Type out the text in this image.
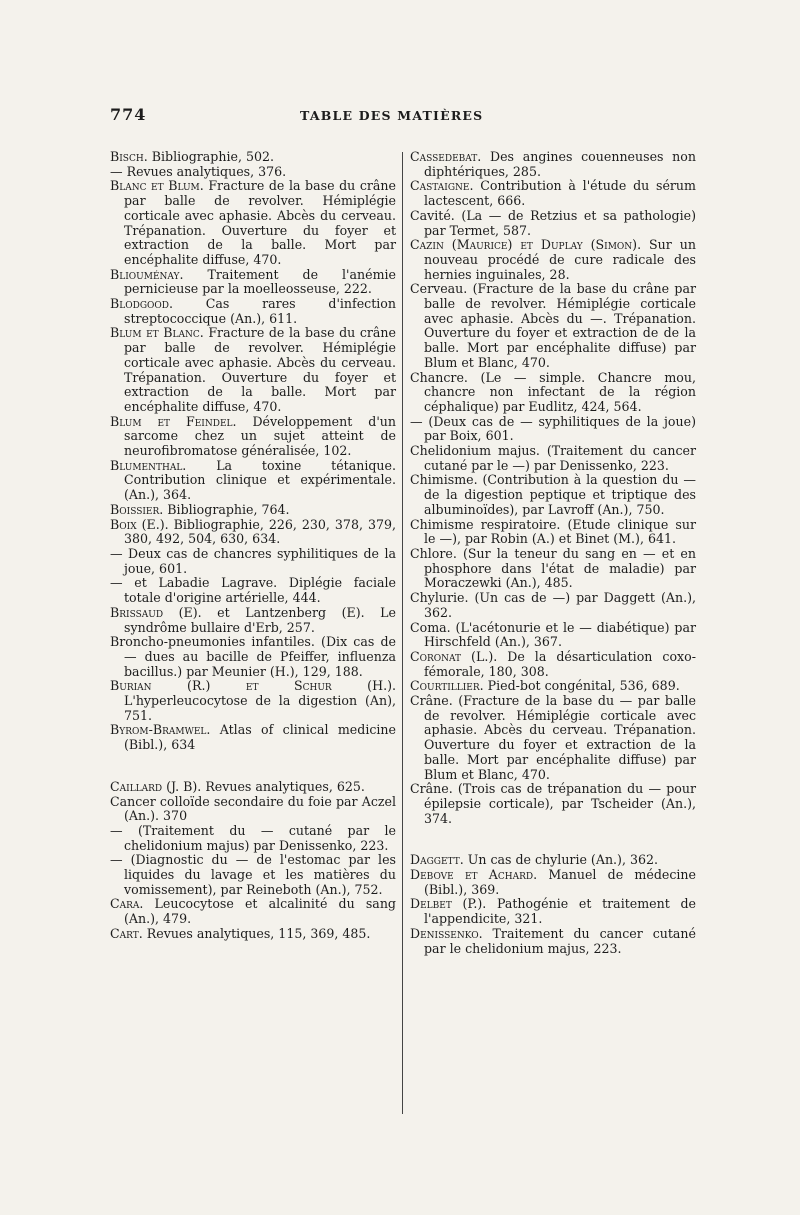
774	TABLE DES MATIÈRES

Bisch. Bibliographie, 502.

— Revues analytiques, 376.

Blanc et Blum. Fracture de la base du crâne par balle de revolver. Hémiplégie corticale avec aphasie. Abcès du cerveau. Trépanation. Ouverture du foyer et extraction de la balle. Mort par encéphalite diffuse, 470.

Bliouménay. Traitement de l'anémie pernicieuse par la moelleosseuse, 222.

Blodgood. Cas rares d'infection streptococcique (An.), 611.

Blum et Blanc. Fracture de la base du crâne par balle de revolver. Hémiplégie corticale avec aphasie. Abcès du cerveau. Trépanation. Ouverture du foyer et extraction de la balle. Mort par encéphalite diffuse, 470.

Blum et Feindel. Développement d'un sarcome chez un sujet atteint de neurofibromatose généralisée, 102.

Blumenthal. La toxine tétanique. Contribution clinique et expérimentale. (An.), 364.

Boissier. Bibliographie, 764.

Boix (E.). Bibliographie, 226, 230, 378, 379, 380, 492, 504, 630, 634.

— Deux cas de chancres syphilitiques de la joue, 601.

— et Labadie Lagrave. Diplégie faciale totale d'origine artérielle, 444.

Brissaud (E). et Lantzenberg (E). Le syndrôme bullaire d'Erb, 257.

Broncho-pneumonies infantiles. (Dix cas de — dues au bacille de Pfeiffer, influenza bacillus.) par Meunier (H.), 129, 188.

Burian (R.) et Schur (H.). L'hyperleucocytose de la digestion (An), 751.

Byrom-Bramwel. Atlas of clinical medicine (Bibl.), 634

Caillard (J. B). Revues analytiques, 625.

Cancer colloïde secondaire du foie par Aczel (An.). 370

— (Traitement du — cutané par le chelidonium majus) par Denissenko, 223.

— (Diagnostic du — de l'estomac par les liquides du lavage et les matières du vomissement), par Reineboth (An.), 752.

Cara. Leucocytose et alcalinité du sang (An.), 479.

Cart. Revues analytiques, 115, 369, 485.

Cassedebat. Des angines couenneuses non diphtériques, 285.

Castaigne. Contribution à l'étude du sérum lactescent, 666.

Cavité. (La — de Retzius et sa pathologie) par Termet, 587.

Cazin (Maurice) et Duplay (Simon). Sur un nouveau procédé de cure radicale des hernies inguinales, 28.

Cerveau. (Fracture de la base du crâne par balle de revolver. Hémiplégie corticale avec aphasie. Abcès du —. Trépanation. Ouverture du foyer et extraction de de la balle. Mort par encéphalite diffuse) par Blum et Blanc, 470.

Chancre. (Le — simple. Chancre mou, chancre non infectant de la région céphalique) par Eudlitz, 424, 564.

— (Deux cas de — syphilitiques de la joue) par Boix, 601.

Chelidonium majus. (Traitement du cancer cutané par le —) par Denissenko, 223.

Chimisme. (Contribution à la question du — de la digestion peptique et triptique des albuminoïdes), par Lavroff (An.), 750.

Chimisme respiratoire. (Etude clinique sur le —), par Robin (A.) et Binet (M.), 641.

Chlore. (Sur la teneur du sang en — et en phosphore dans l'état de maladie) par Moraczewki (An.), 485.

Chylurie. (Un cas de —) par Daggett (An.), 362.

Coma. (L'acétonurie et le — diabétique) par Hirschfeld (An.), 367.

Coronat (L.). De la désarticulation coxo-fémorale, 180, 308.

Courtillier. Pied-bot congénital, 536, 689.

Crâne. (Fracture de la base du — par balle de revolver. Hémiplégie corticale avec aphasie. Abcès du cerveau. Trépanation. Ouverture du foyer et extraction de la balle. Mort par encéphalite diffuse) par Blum et Blanc, 470.

Crâne. (Trois cas de trépanation du — pour épilepsie corticale), par Tscheider (An.), 374.

Daggett. Un cas de chylurie (An.), 362.

Debove et Achard. Manuel de médecine (Bibl.), 369.

Delbet (P.). Pathogénie et traitement de l'appendicite, 321.

Denissenko. Traitement du cancer cutané par le chelidonium majus, 223.
